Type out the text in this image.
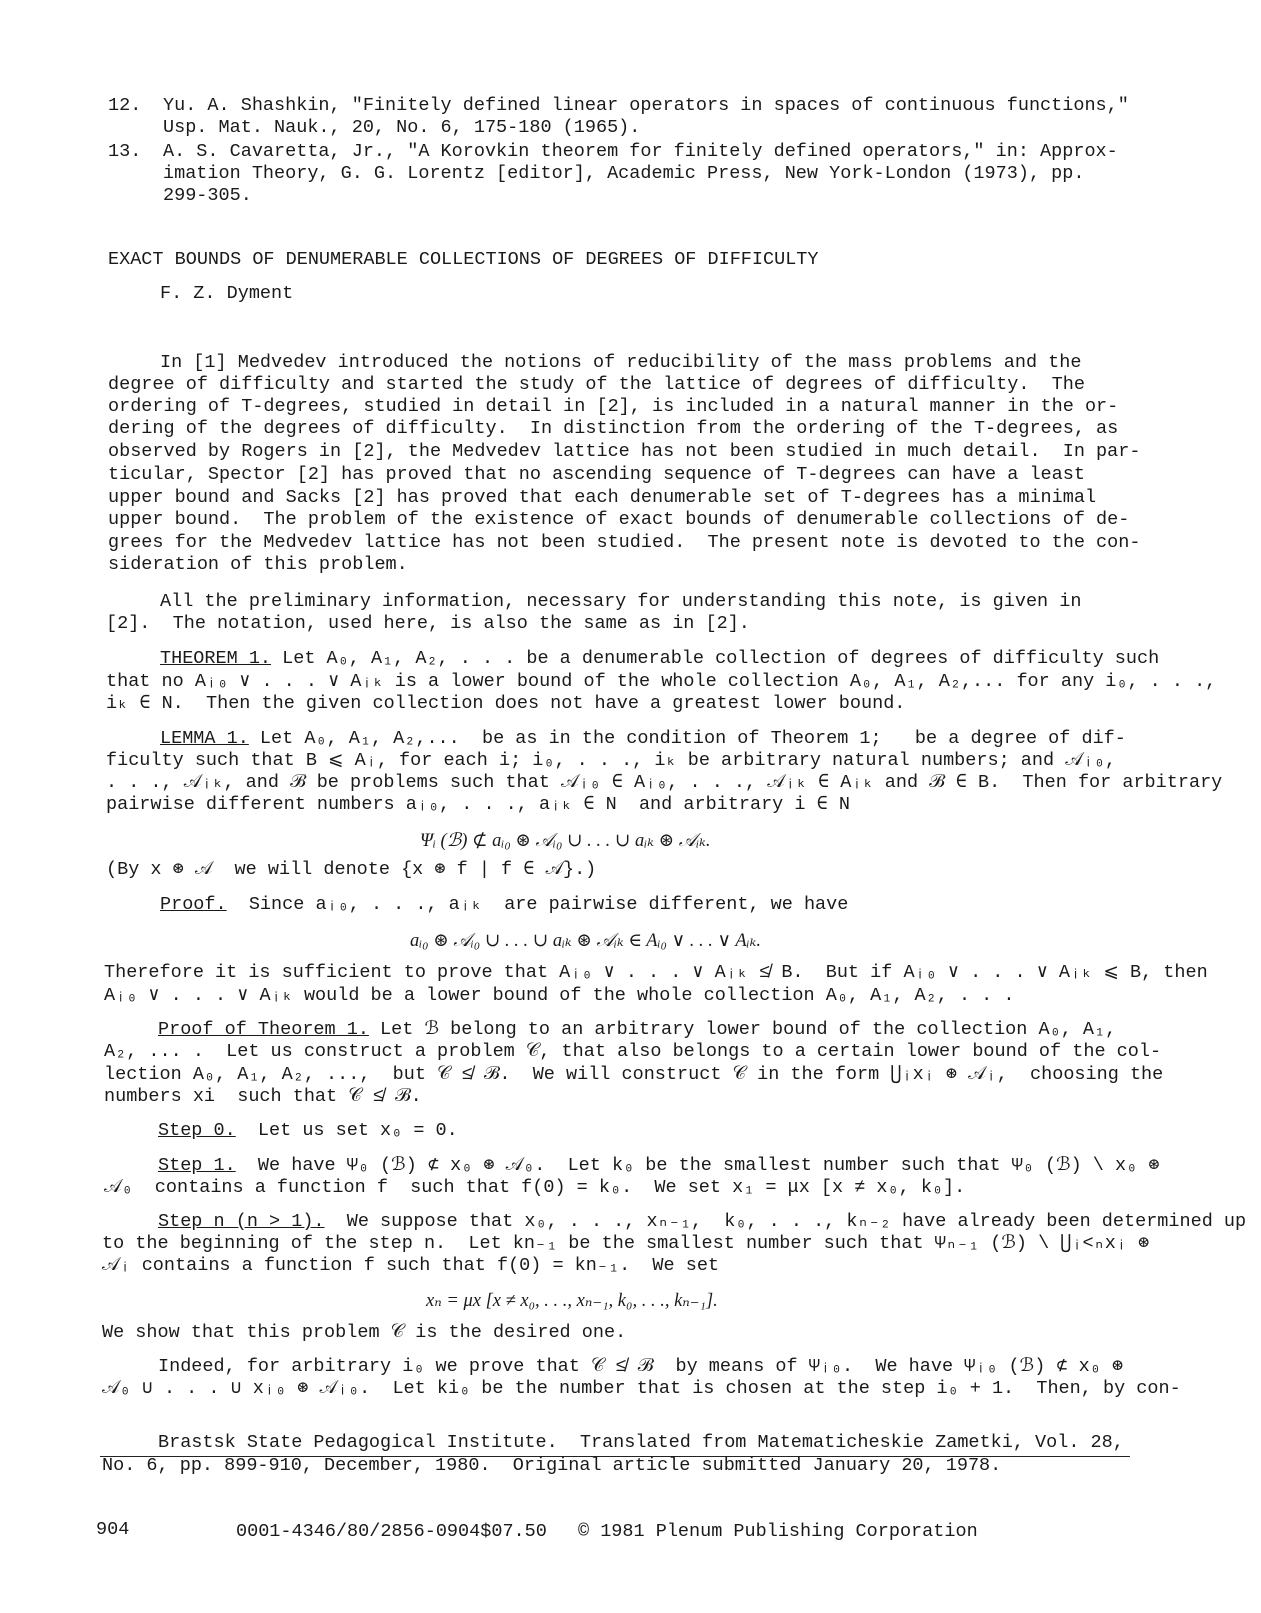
12. Yu. A. Shashkin, "Finitely defined linear operators in spaces of continuous functions,"
Usp. Mat. Nauk., 20, No. 6, 175-180 (1965).
13. A. S. Cavaretta, Jr., "A Korovkin theorem for finitely defined operators," in: Approx-
imation Theory, G. G. Lorentz [editor], Academic Press, New York-London (1973), pp.
299-305.
EXACT BOUNDS OF DENUMERABLE COLLECTIONS OF DEGREES OF DIFFICULTY
F. Z. Dyment
In [1] Medvedev introduced the notions of reducibility of the mass problems and the
degree of difficulty and started the study of the lattice of degrees of difficulty.  The
ordering of T-degrees, studied in detail in [2], is included in a natural manner in the or-
dering of the degrees of difficulty.  In distinction from the ordering of the T-degrees, as
observed by Rogers in [2], the Medvedev lattice has not been studied in much detail.  In par-
ticular, Spector [2] has proved that no ascending sequence of T-degrees can have a least
upper bound and Sacks [2] has proved that each denumerable set of T-degrees has a minimal
upper bound.  The problem of the existence of exact bounds of denumerable collections of de-
grees for the Medvedev lattice has not been studied.  The present note is devoted to the con-
sideration of this problem.
All the preliminary information, necessary for understanding this note, is given in
[2].  The notation, used here, is also the same as in [2].
THEOREM 1. Let A₀, A₁, A₂, . . . be a denumerable collection of degrees of difficulty such
that no Aᵢ₀ ∨ . . . ∨ Aᵢₖ is a lower bound of the whole collection A₀, A₁, A₂,... for any i₀, . . .,
iₖ ∈ N.  Then the given collection does not have a greatest lower bound.
LEMMA 1. Let A₀, A₁, A₂,...  be as in the condition of Theorem 1;   be a degree of dif-
ficulty such that B ⩽ Aᵢ, for each i; i₀, . . ., iₖ be arbitrary natural numbers; and 𝒜ᵢ₀,
. . ., 𝒜ᵢₖ, and ℬ be problems such that 𝒜ᵢ₀ ∈ Aᵢ₀, . . ., 𝒜ᵢₖ ∈ Aᵢₖ and ℬ ∈ B.  Then for arbitrary
pairwise different numbers aᵢ₀, . . ., aᵢₖ ∈ N  and arbitrary i ∈ N
Ψᵢ (ℬ) ⊄ aᵢ₀ ⊛ 𝒜ᵢ₀ ∪ . . . ∪ aᵢₖ ⊛ 𝒜ᵢₖ.
(By x ⊛ 𝒜  we will denote {x ⊛ f | f ∈ 𝒜}.)
Proof.  Since aᵢ₀, . . ., aᵢₖ  are pairwise different, we have
aᵢ₀ ⊛ 𝒜ᵢ₀ ∪ . . . ∪ aᵢₖ ⊛ 𝒜ᵢₖ ∈ Aᵢ₀ ∨ . . . ∨ Aᵢₖ.
Therefore it is sufficient to prove that Aᵢ₀ ∨ . . . ∨ Aᵢₖ ≰ B.  But if Aᵢ₀ ∨ . . . ∨ Aᵢₖ ⩽ B, then
Aᵢ₀ ∨ . . . ∨ Aᵢₖ would be a lower bound of the whole collection A₀, A₁, A₂, . . .
Proof of Theorem 1. Let ℬ belong to an arbitrary lower bound of the collection A₀, A₁,
A₂, ... .  Let us construct a problem 𝒞, that also belongs to a certain lower bound of the col-
lection A₀, A₁, A₂, ...,  but 𝒞 ≰ ℬ.  We will construct 𝒞 in the form ⋃ᵢxᵢ ⊛ 𝒜ᵢ,  choosing the
numbers xi  such that 𝒞 ≰ ℬ.
Step 0.  Let us set x₀ = 0.
Step 1.  We have Ψ₀ (ℬ) ⊄ x₀ ⊛ 𝒜₀.  Let k₀ be the smallest number such that Ψ₀ (ℬ) \ x₀ ⊛
𝒜₀  contains a function f  such that f(0) = k₀.  We set x₁ = μx [x ≠ x₀, k₀].
Step n (n > 1).  We suppose that x₀, . . ., xₙ₋₁,  k₀, . . ., kₙ₋₂ have already been determined up
to the beginning of the step n.  Let kn₋₁ be the smallest number such that Ψₙ₋₁ (ℬ) \ ⋃ᵢ<ₙxᵢ ⊛
𝒜ᵢ contains a function f such that f(0) = kn₋₁.  We set
xₙ = μx [x ≠ x₀, . . ., xₙ₋₁, k₀, . . ., kₙ₋₁].
We show that this problem 𝒞 is the desired one.
Indeed, for arbitrary i₀ we prove that 𝒞 ≰ ℬ  by means of Ψᵢ₀.  We have Ψᵢ₀ (ℬ) ⊄ x₀ ⊛
𝒜₀ ∪ . . . ∪ xᵢ₀ ⊛ 𝒜ᵢ₀.  Let ki₀ be the number that is chosen at the step i₀ + 1.  Then, by con-
Brastsk State Pedagogical Institute.  Translated from Matematicheskie Zametki, Vol. 28,
No. 6, pp. 899-910, December, 1980.  Original article submitted January 20, 1978.
904	0001-4346/80/2856-0904$07.50 © 1981 Plenum Publishing Corporation
